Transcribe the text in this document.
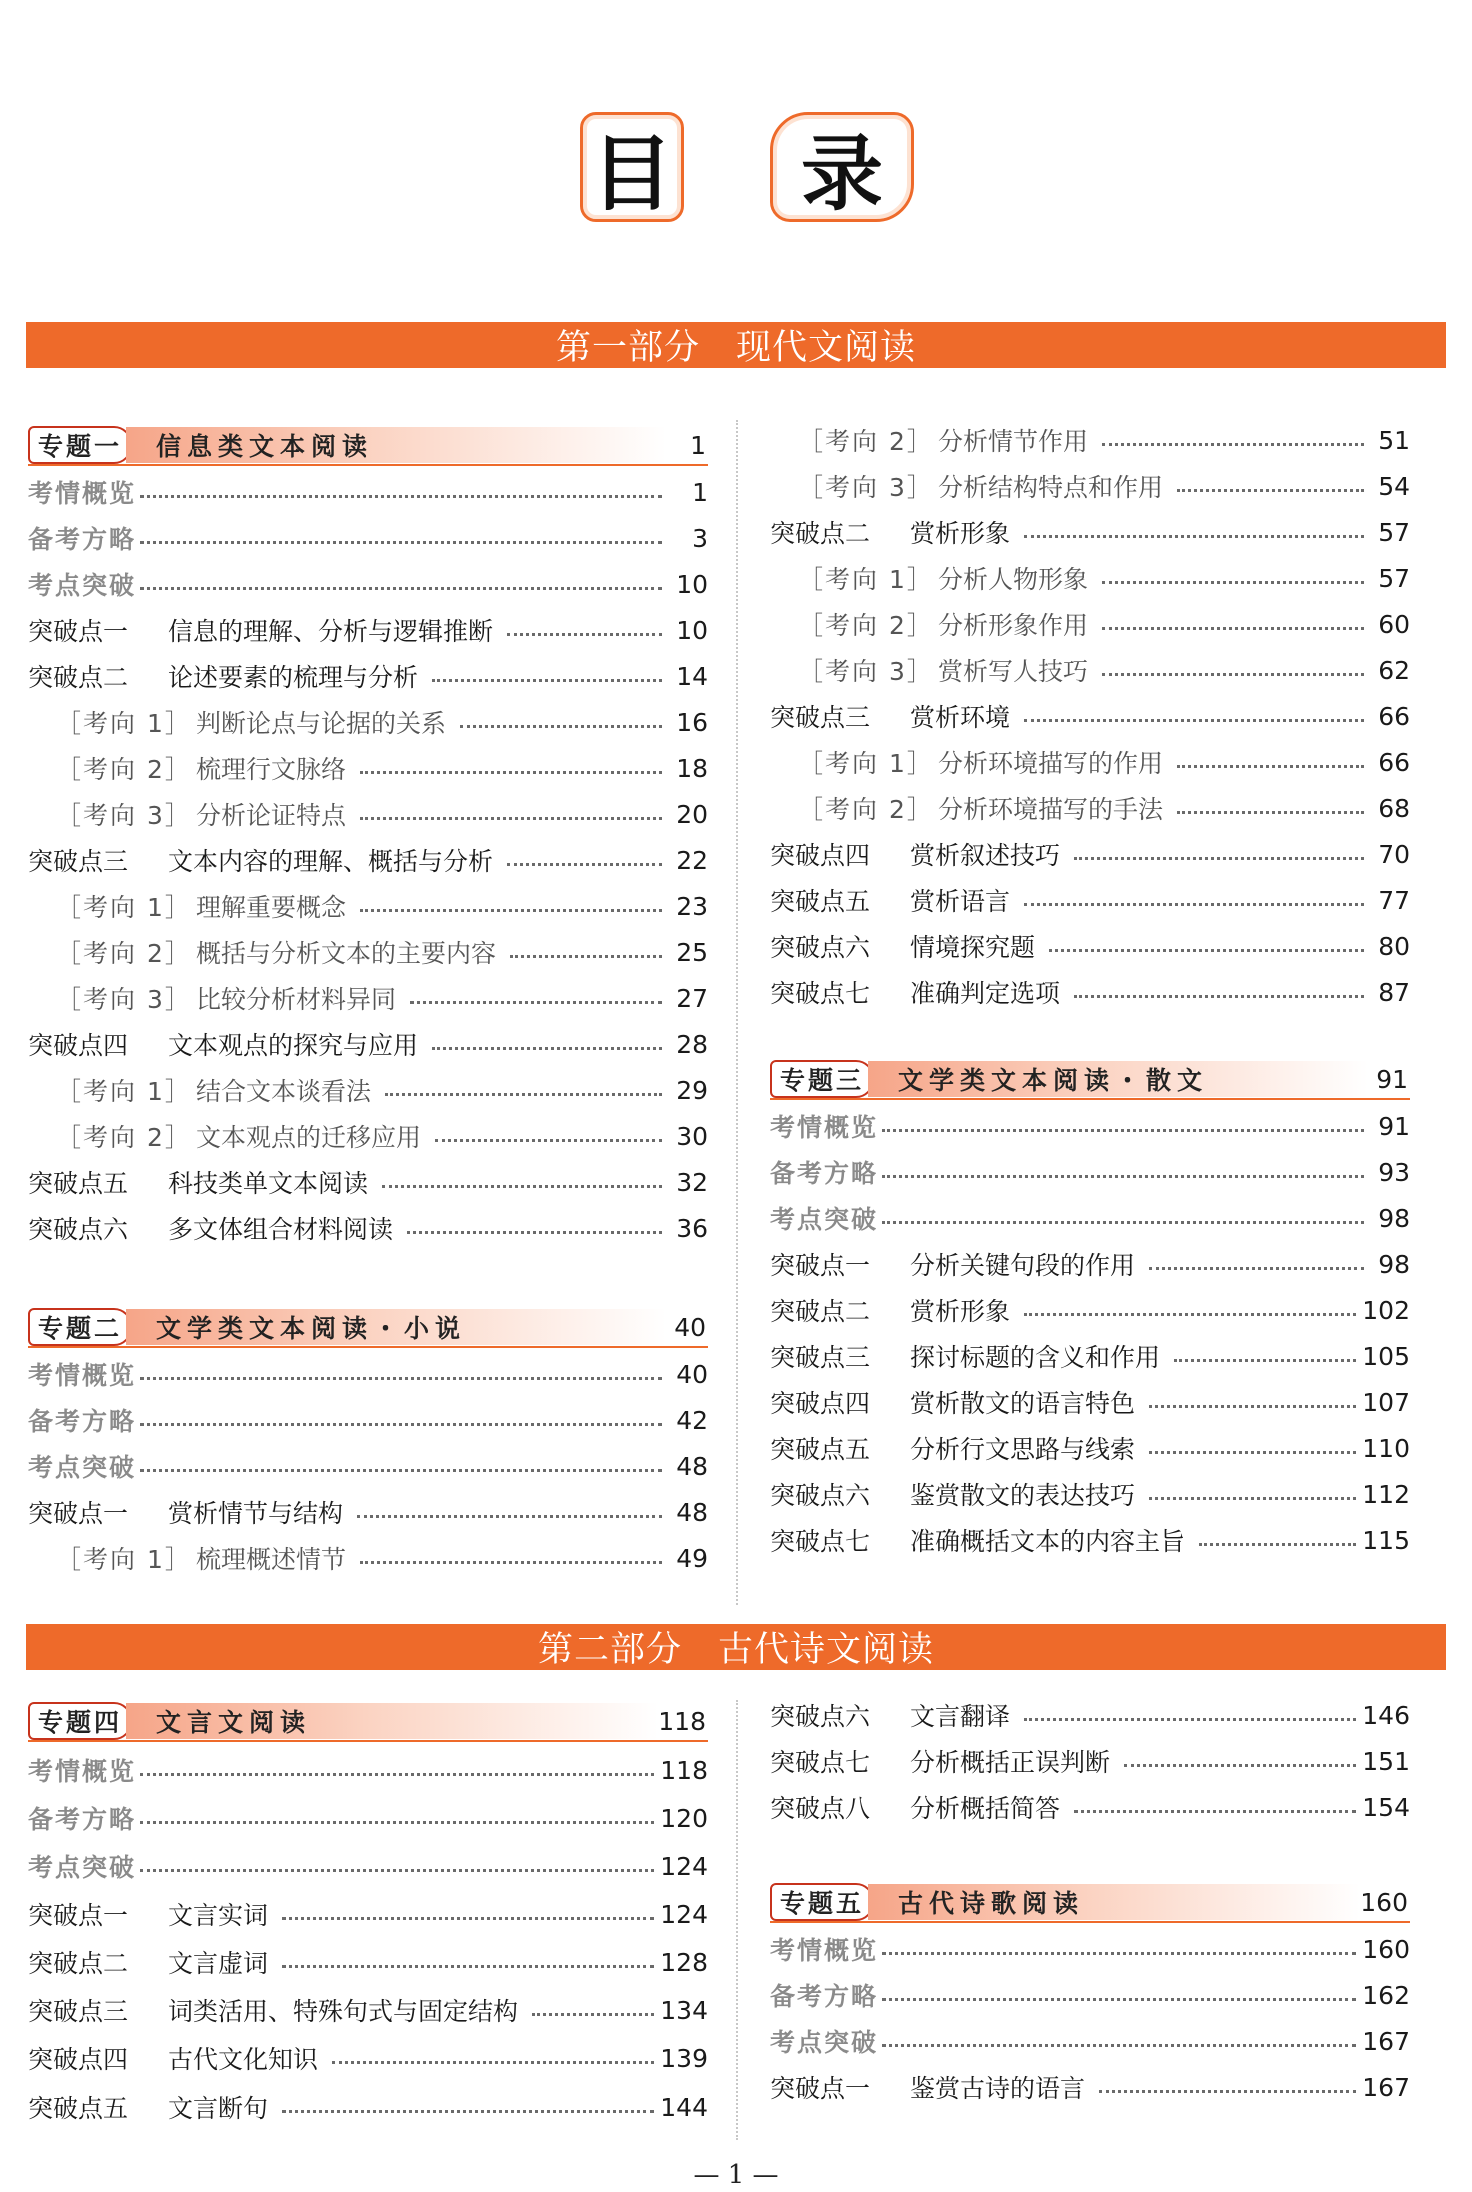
目	录
第一部分　现代文阅读
专题一	信息类文本阅读	1
考情概览	1
备考方略	3
考点突破	10
突破点一 信息的理解、分析与逻辑推断	10
突破点二 论述要素的梳理与分析	14
［考向 1］ 判断论点与论据的关系	16
［考向 2］ 梳理行文脉络	18
［考向 3］ 分析论证特点	20
突破点三 文本内容的理解、概括与分析	22
［考向 1］ 理解重要概念	23
［考向 2］ 概括与分析文本的主要内容	25
［考向 3］ 比较分析材料异同	27
突破点四 文本观点的探究与应用	28
［考向 1］ 结合文本谈看法	29
［考向 2］ 文本观点的迁移应用	30
突破点五 科技类单文本阅读	32
突破点六 多文体组合材料阅读	36
专题二	文学类文本阅读・小说	40
考情概览	40
备考方略	42
考点突破	48
突破点一 赏析情节与结构	48
［考向 1］ 梳理概述情节	49
［考向 2］ 分析情节作用	51
［考向 3］ 分析结构特点和作用	54
突破点二 赏析形象	57
［考向 1］ 分析人物形象	57
［考向 2］ 分析形象作用	60
［考向 3］ 赏析写人技巧	62
突破点三 赏析环境	66
［考向 1］ 分析环境描写的作用	66
［考向 2］ 分析环境描写的手法	68
突破点四 赏析叙述技巧	70
突破点五 赏析语言	77
突破点六 情境探究题	80
突破点七 准确判定选项	87
专题三	文学类文本阅读・散文	91
考情概览	91
备考方略	93
考点突破	98
突破点一 分析关键句段的作用	98
突破点二 赏析形象	102
突破点三 探讨标题的含义和作用	105
突破点四 赏析散文的语言特色	107
突破点五 分析行文思路与线索	110
突破点六 鉴赏散文的表达技巧	112
突破点七 准确概括文本的内容主旨	115
第二部分　古代诗文阅读
专题四	文言文阅读	118
考情概览	118
备考方略	120
考点突破	124
突破点一 文言实词	124
突破点二 文言虚词	128
突破点三 词类活用、特殊句式与固定结构	134
突破点四 古代文化知识	139
突破点五 文言断句	144
突破点六 文言翻译	146
突破点七 分析概括正误判断	151
突破点八 分析概括简答	154
专题五	古代诗歌阅读	160
考情概览	160
备考方略	162
考点突破	167
突破点一 鉴赏古诗的语言	167
— 1 —
